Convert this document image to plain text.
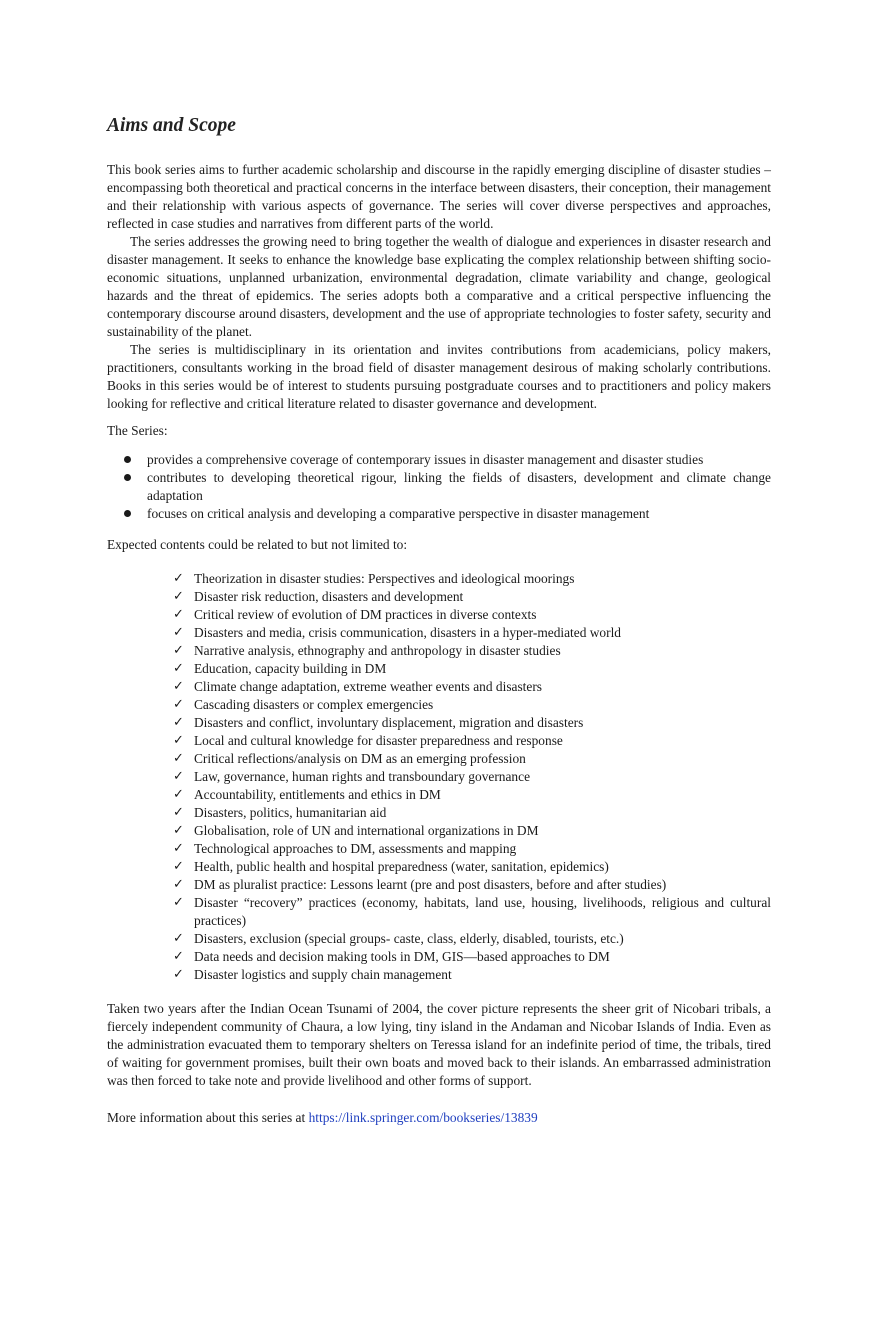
Aims and Scope

This book series aims to further academic scholarship and discourse in the rapidly emerging discipline of disaster studies – encompassing both theoretical and practical concerns in the interface between disasters, their conception, their management and their relationship with various aspects of governance. The series will cover diverse perspectives and approaches, reflected in case studies and narratives from different parts of the world.

The series addresses the growing need to bring together the wealth of dialogue and experiences in disaster research and disaster management. It seeks to enhance the knowledge base explicating the complex relationship between shifting socio-economic situations, unplanned urbanization, environmental degradation, climate variability and change, geological hazards and the threat of epidemics. The series adopts both a comparative and a critical perspective influencing the contemporary discourse around disasters, development and the use of appropriate technologies to foster safety, security and sustainability of the planet.

The series is multidisciplinary in its orientation and invites contributions from academicians, policy makers, practitioners, consultants working in the broad field of disaster management desirous of making scholarly contributions. Books in this series would be of interest to students pursuing postgraduate courses and to practitioners and policy makers looking for reflective and critical literature related to disaster governance and development.

The Series:
provides a comprehensive coverage of contemporary issues in disaster management and disaster studies
contributes to developing theoretical rigour, linking the fields of disasters, development and climate change adaptation
focuses on critical analysis and developing a comparative perspective in disaster management
Expected contents could be related to but not limited to:
✓ Theorization in disaster studies: Perspectives and ideological moorings
✓ Disaster risk reduction, disasters and development
✓ Critical review of evolution of DM practices in diverse contexts
✓ Disasters and media, crisis communication, disasters in a hyper-mediated world
✓ Narrative analysis, ethnography and anthropology in disaster studies
✓ Education, capacity building in DM
✓ Climate change adaptation, extreme weather events and disasters
✓ Cascading disasters or complex emergencies
✓ Disasters and conflict, involuntary displacement, migration and disasters
✓ Local and cultural knowledge for disaster preparedness and response
✓ Critical reflections/analysis on DM as an emerging profession
✓ Law, governance, human rights and transboundary governance
✓ Accountability, entitlements and ethics in DM
✓ Disasters, politics, humanitarian aid
✓ Globalisation, role of UN and international organizations in DM
✓ Technological approaches to DM, assessments and mapping
✓ Health, public health and hospital preparedness (water, sanitation, epidemics)
✓ DM as pluralist practice: Lessons learnt (pre and post disasters, before and after studies)
✓ Disaster “recovery” practices (economy, habitats, land use, housing, livelihoods, religious and cultural practices)
✓ Disasters, exclusion (special groups- caste, class, elderly, disabled, tourists, etc.)
✓ Data needs and decision making tools in DM, GIS—based approaches to DM
✓ Disaster logistics and supply chain management

Taken two years after the Indian Ocean Tsunami of 2004, the cover picture represents the sheer grit of Nicobari tribals, a fiercely independent community of Chaura, a low lying, tiny island in the Andaman and Nicobar Islands of India. Even as the administration evacuated them to temporary shelters on Teressa island for an indefinite period of time, the tribals, tired of waiting for government promises, built their own boats and moved back to their islands. An embarrassed administration was then forced to take note and provide livelihood and other forms of support.

More information about this series at https://link.springer.com/bookseries/13839
